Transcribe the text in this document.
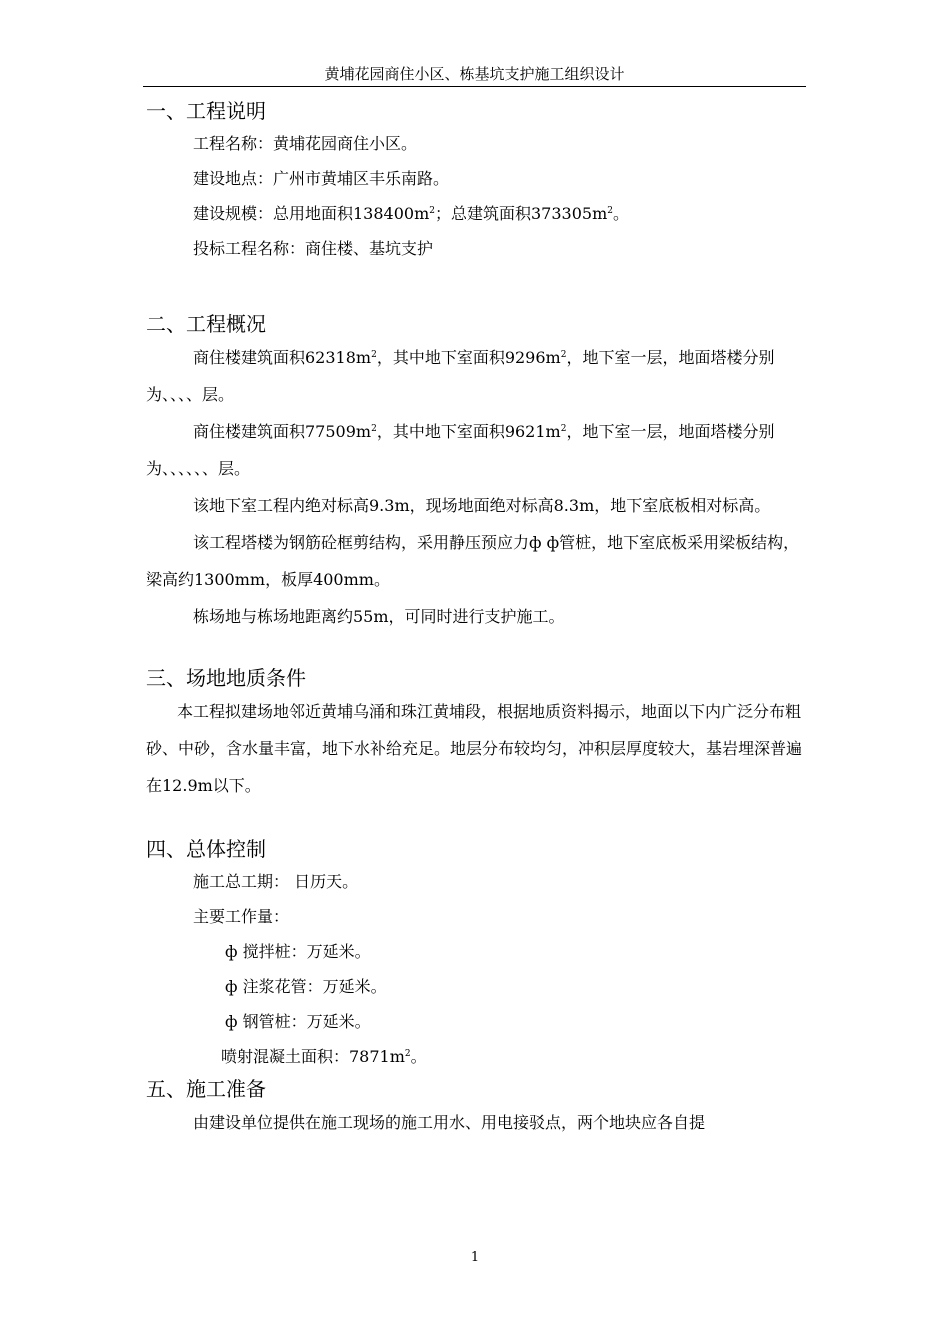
黄埔花园商住小区、栋基坑支护施工组织设计
一、工程说明

工程名称：黄埔花园商住小区。

建设地点：广州市黄埔区丰乐南路。

建设规模：总用地面积$138400m^2$；总建筑面积$373305m^2$。

投标工程名称：商住楼、基坑支护

二、工程概况

商住楼建筑面积$62318m^2$，其中地下室面积$9296m^2$，地下室一层，地面塔楼分别为、、、、层。

商住楼建筑面积$77509m^2$，其中地下室面积$9621m^2$，地下室一层，地面塔楼分别为、、、、、、层。

该地下室工程内绝对标高9.3m，现场地面绝对标高8.3m，地下室底板相对标高。

该工程塔楼为钢筋砼框剪结构，采用静压预应力ф ф管桩，地下室底板采用梁板结构，梁高约1300mm，板厚400mm。

栋场地与栋场地距离约55m，可同时进行支护施工。

三、场地地质条件

本工程拟建场地邻近黄埔乌涌和珠江黄埔段，根据地质资料揭示，地面以下内广泛分布粗砂、中砂，含水量丰富，地下水补给充足。地层分布较均匀，冲积层厚度较大，基岩埋深普遍在12.9m以下。

四、总体控制

施工总工期： 日历天。

主要工作量：

ф 搅拌桩：万延米。

ф 注浆花管：万延米。

ф 钢管桩：万延米。

喷射混凝土面积：$7871m^2$。

五、施工准备

由建设单位提供在施工现场的施工用水、用电接驳点，两个地块应各自提

1
